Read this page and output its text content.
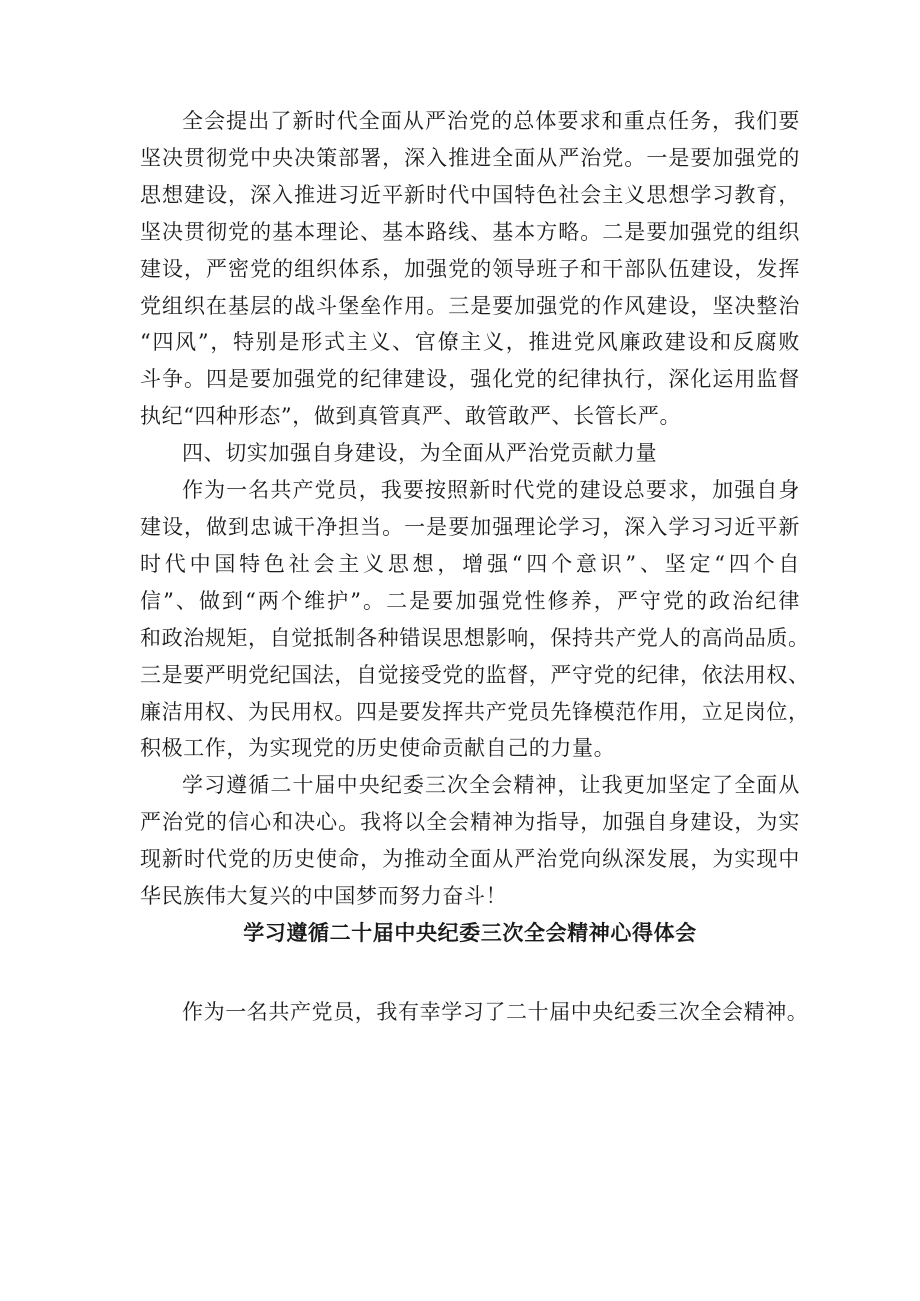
全会提出了新时代全面从严治党的总体要求和重点任务，我们要
坚决贯彻党中央决策部署，深入推进全面从严治党。一是要加强党的
思想建设，深入推进习近平新时代中国特色社会主义思想学习教育，
坚决贯彻党的基本理论、基本路线、基本方略。二是要加强党的组织
建设，严密党的组织体系，加强党的领导班子和干部队伍建设，发挥
党组织在基层的战斗堡垒作用。三是要加强党的作风建设，坚决整治
“四风”，特别是形式主义、官僚主义，推进党风廉政建设和反腐败
斗争。四是要加强党的纪律建设，强化党的纪律执行，深化运用监督
执纪“四种形态”，做到真管真严、敢管敢严、长管长严。

四、切实加强自身建设，为全面从严治党贡献力量

作为一名共产党员，我要按照新时代党的建设总要求，加强自身
建设，做到忠诚干净担当。一是要加强理论学习，深入学习习近平新
时代中国特色社会主义思想，增强“四个意识”、坚定“四个自
信”、做到“两个维护”。二是要加强党性修养，严守党的政治纪律
和政治规矩，自觉抵制各种错误思想影响，保持共产党人的高尚品质。
三是要严明党纪国法，自觉接受党的监督，严守党的纪律，依法用权、
廉洁用权、为民用权。四是要发挥共产党员先锋模范作用，立足岗位，
积极工作，为实现党的历史使命贡献自己的力量。

学习遵循二十届中央纪委三次全会精神，让我更加坚定了全面从
严治党的信心和决心。我将以全会精神为指导，加强自身建设，为实
现新时代党的历史使命，为推动全面从严治党向纵深发展，为实现中
华民族伟大复兴的中国梦而努力奋斗！

学习遵循二十届中央纪委三次全会精神心得体会

作为一名共产党员，我有幸学习了二十届中央纪委三次全会精神。
